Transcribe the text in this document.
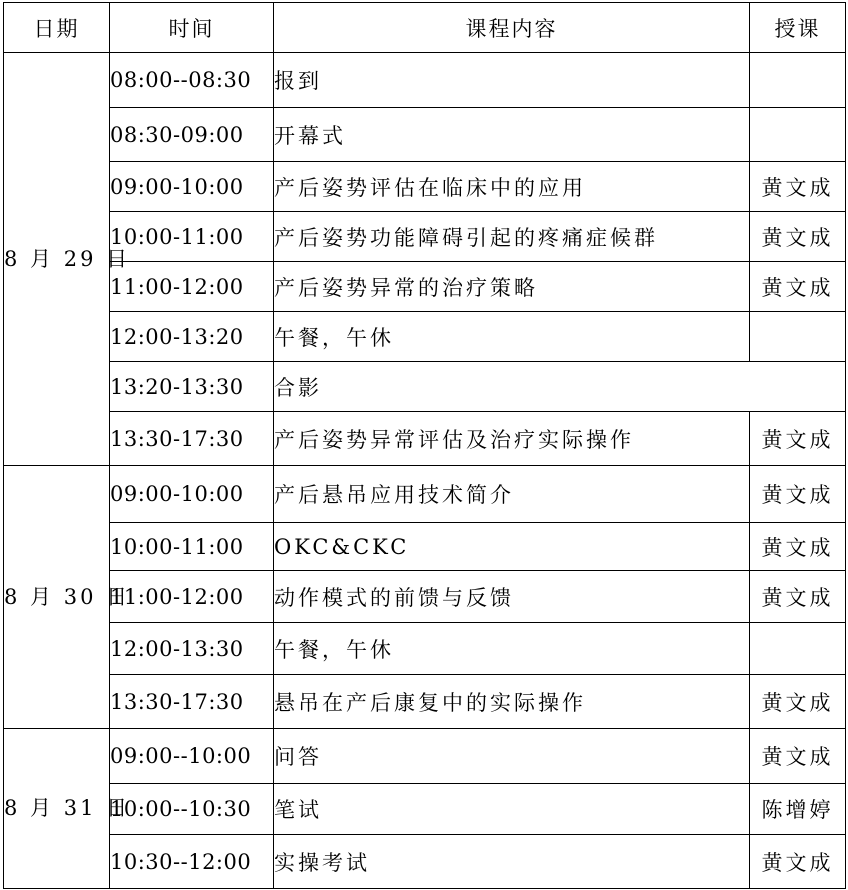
日期	时间	课程内容	授课
8 月 29 日	08:00--08:30	报到	
	08:30-09:00	开幕式	
	09:00-10:00	产后姿势评估在临床中的应用	黄文成
	10:00-11:00	产后姿势功能障碍引起的疼痛症候群	黄文成
	11:00-12:00	产后姿势异常的治疗策略	黄文成
	12:00-13:20	午餐，午休	
	13:20-13:30	合影	
	13:30-17:30	产后姿势异常评估及治疗实际操作	黄文成
8 月 30 日	09:00-10:00	产后悬吊应用技术简介	黄文成
	10:00-11:00	OKC&CKC	黄文成
	11:00-12:00	动作模式的前馈与反馈	黄文成
	12:00-13:30	午餐，午休	
	13:30-17:30	悬吊在产后康复中的实际操作	黄文成
8 月 31 日	09:00--10:00	问答	黄文成
	10:00--10:30	笔试	陈增婷
	10:30--12:00	实操考试	黄文成
